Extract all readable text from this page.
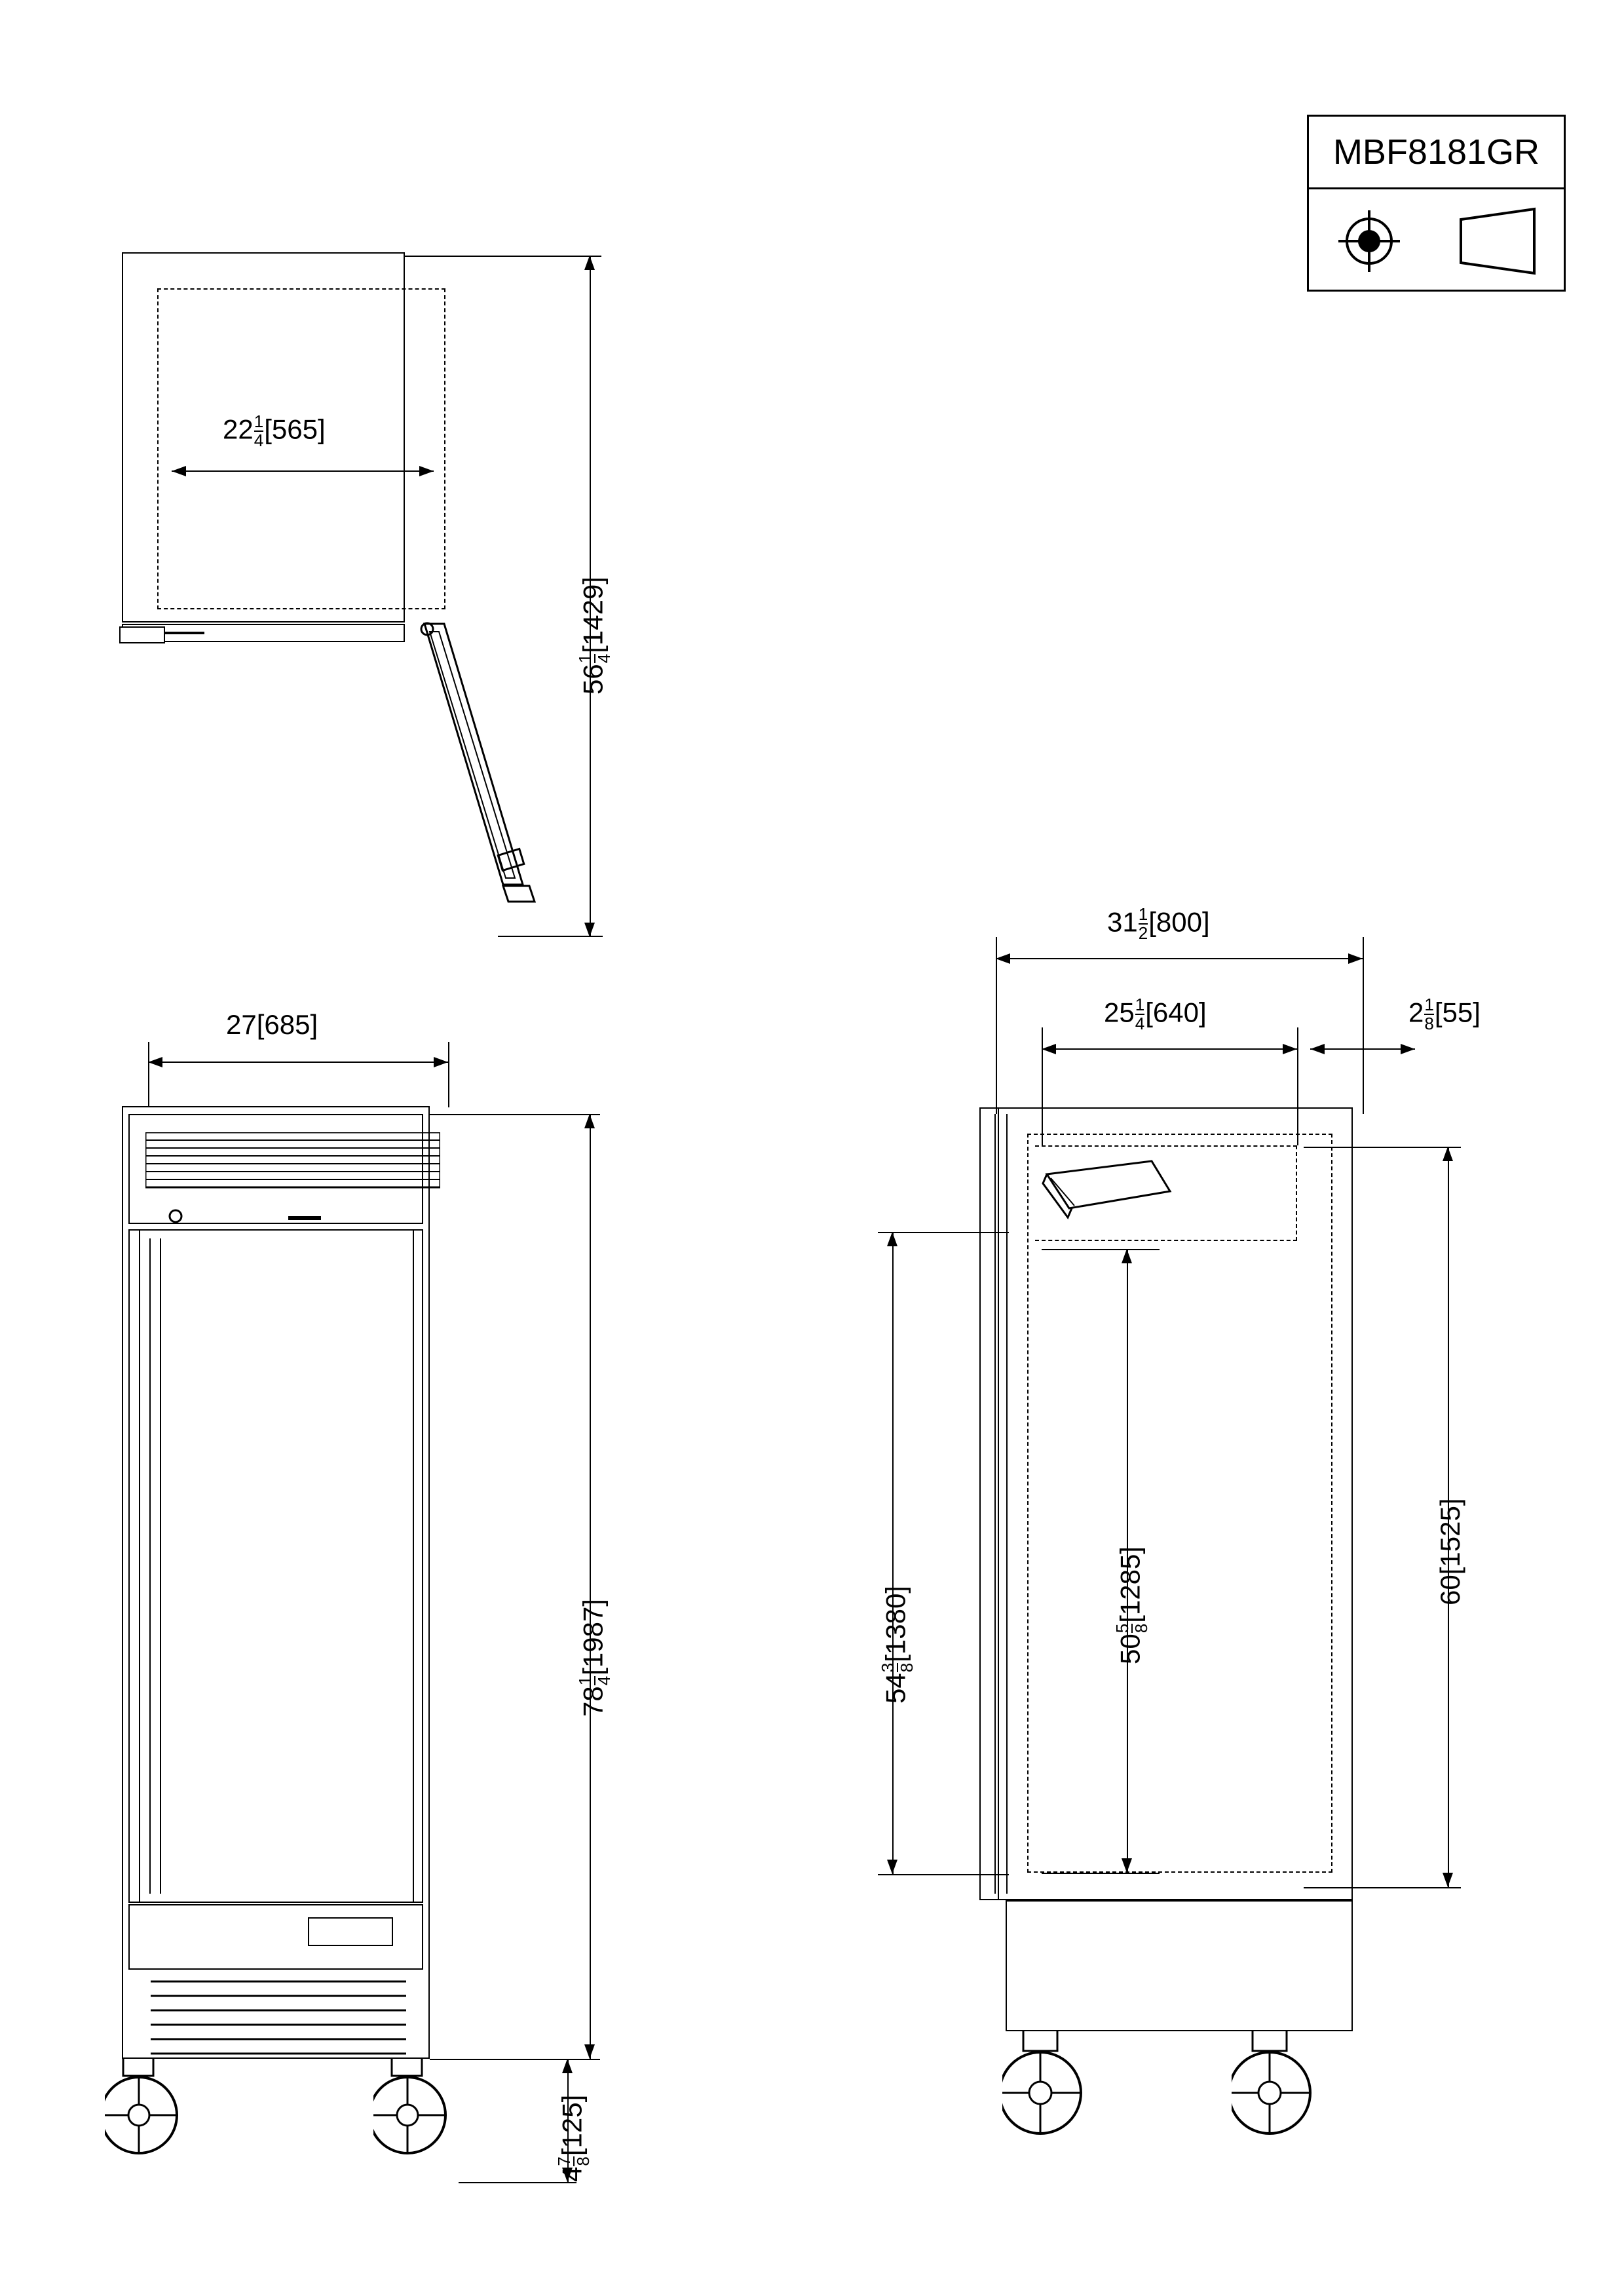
MBF8181GR
56
1 4
[1429]
$22 \frac{1}{4} [565]$
27[685]
78
1 4
[1987]
4
7 8
[125]
$31 \frac{1}{2} [800]$
$25 \frac{1}{4} [640]$	$2 \frac{1}{8} [55]$
54
3 8
[1380]	50
5 8
[1285]	60[1525]
